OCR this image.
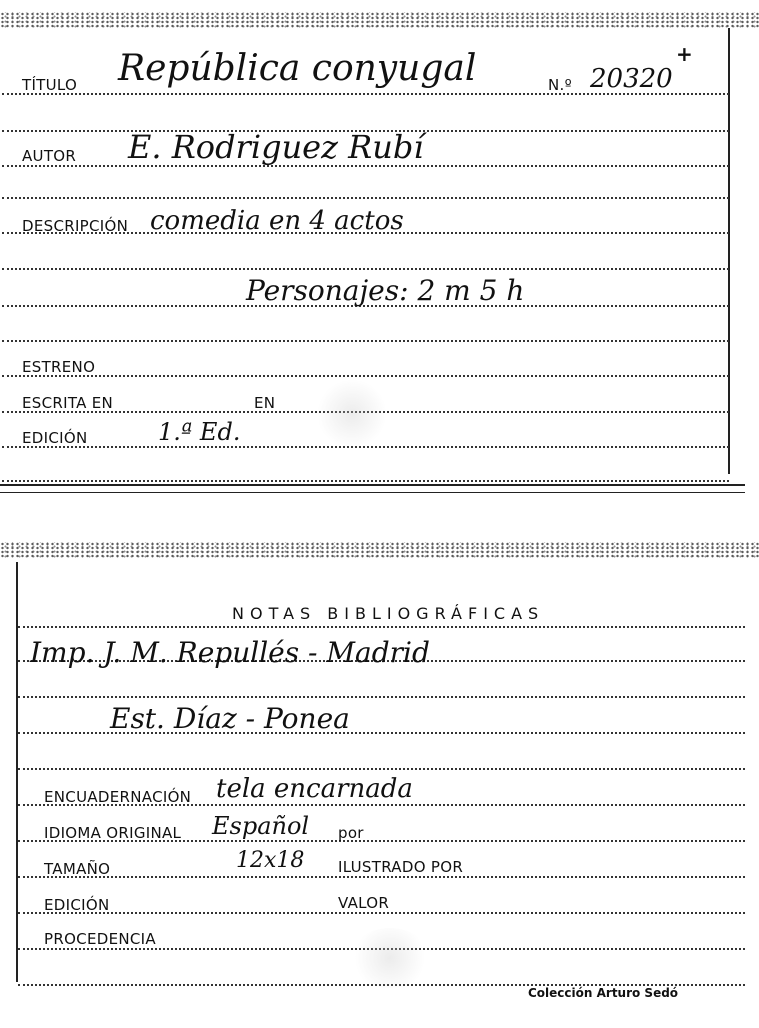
TÍTULO República conyugal	N.º 20320
+
AUTOR E. Rodriguez Rubí
DESCRIPCIÓN comedia en 4 actos
Personajes: 2 m 5 h
ESTRENO
ESCRITA EN	EN
EDICIÓN	1.ª Ed.
NOTAS BIBLIOGRÁFICAS
Imp. J. M. Repullés - Madrid
Est. Díaz - Ponea
ENCUADERNACIÓN tela encarnada
IDIOMA ORIGINAL Español por
TAMAÑO	12x18 ILUSTRADO POR
EDICIÓN	VALOR
PROCEDENCIA
Colección Arturo Sedó
